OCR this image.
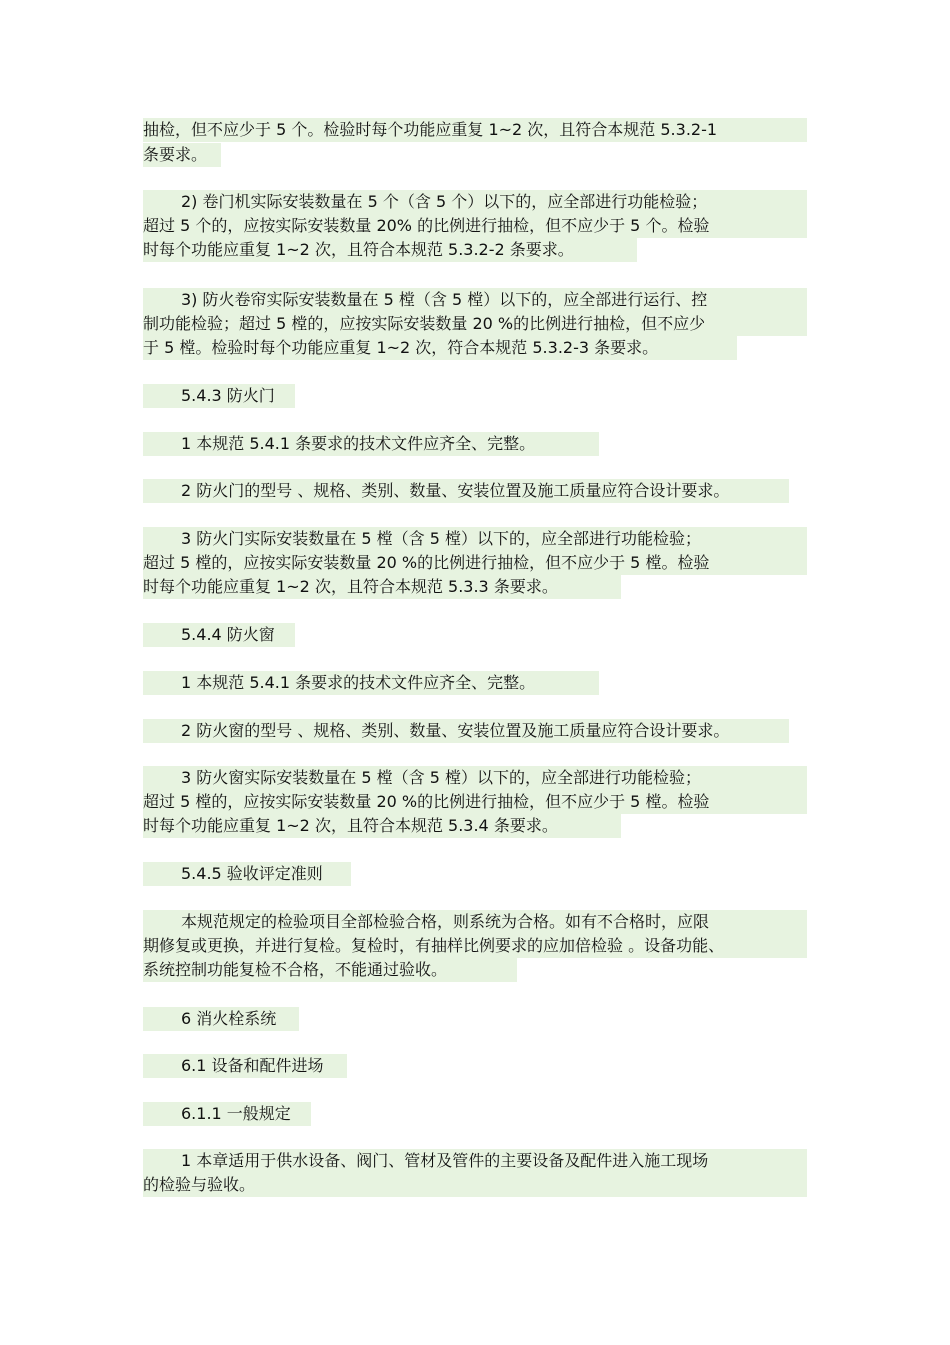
抽检，但不应少于 5 个。检验时每个功能应重复 1~2 次，且符合本规范 5.3.2-1
条要求。
2) 卷门机实际安装数量在 5 个（含 5 个）以下的，应全部进行功能检验；
超过 5 个的，应按实际安装数量 20% 的比例进行抽检，但不应少于 5 个。检验
时每个功能应重复 1~2 次，且符合本规范 5.3.2-2 条要求。
3) 防火卷帘实际安装数量在 5 樘（含 5 樘）以下的，应全部进行运行、控
制功能检验；超过 5 樘的，应按实际安装数量 20 %的比例进行抽检，但不应少
于 5 樘。检验时每个功能应重复 1~2 次，符合本规范 5.3.2-3 条要求。
5.4.3 防火门
1 本规范 5.4.1 条要求的技术文件应齐全、完整。
2 防火门的型号 、规格、类别、数量、安装位置及施工质量应符合设计要求。
3 防火门实际安装数量在 5 樘（含 5 樘）以下的，应全部进行功能检验；
超过 5 樘的，应按实际安装数量 20 %的比例进行抽检，但不应少于 5 樘。检验
时每个功能应重复 1~2 次，且符合本规范 5.3.3 条要求。
5.4.4 防火窗
1 本规范 5.4.1 条要求的技术文件应齐全、完整。
2 防火窗的型号 、规格、类别、数量、安装位置及施工质量应符合设计要求。
3 防火窗实际安装数量在 5 樘（含 5 樘）以下的，应全部进行功能检验；
超过 5 樘的，应按实际安装数量 20 %的比例进行抽检，但不应少于 5 樘。检验
时每个功能应重复 1~2 次，且符合本规范 5.3.4 条要求。
5.4.5 验收评定准则
本规范规定的检验项目全部检验合格，则系统为合格。如有不合格时，应限
期修复或更换，并进行复检。复检时，有抽样比例要求的应加倍检验 。设备功能、
系统控制功能复检不合格，不能通过验收。
6 消火栓系统
6.1 设备和配件进场
6.1.1 一般规定
1 本章适用于供水设备、阀门、管材及管件的主要设备及配件进入施工现场
的检验与验收。
